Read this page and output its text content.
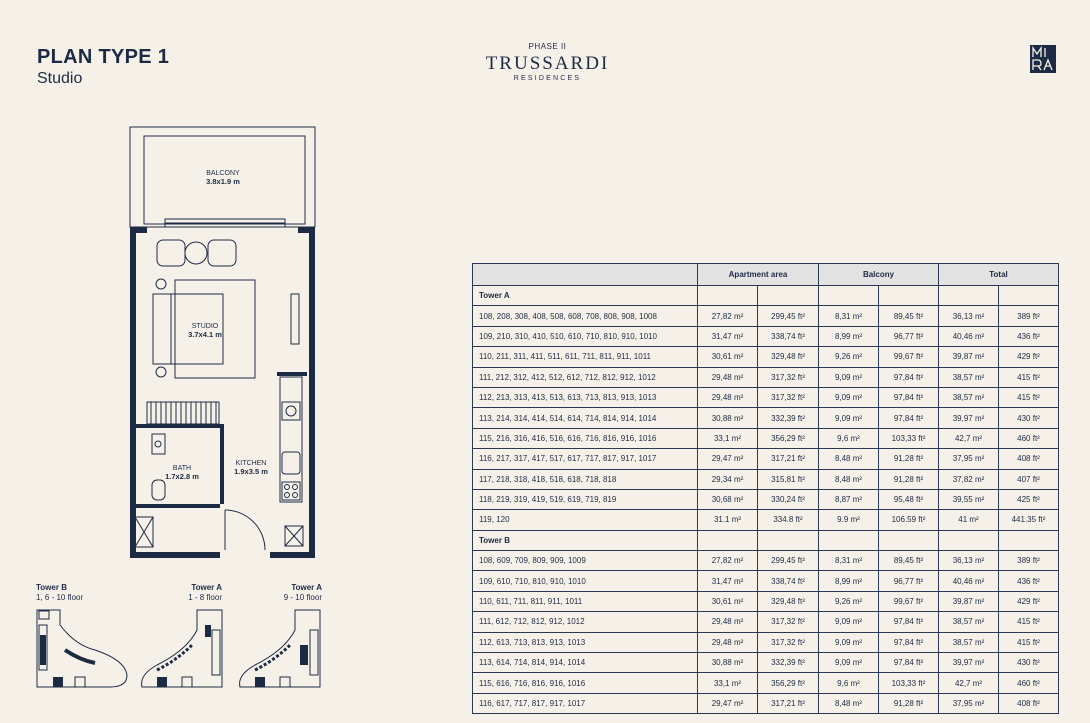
PLAN TYPE 1
Studio
PHASE II
TRUSSARDI
RESIDENCES
BALCONY
3.8x1.9 m
STUDIO
3.7x4.1 m
BATH
1.7x2.8 m
KITCHEN
1.9x3.5 m
Tower B
1, 6 - 10 floor
Tower A
1 - 8 floor
Tower A
9 - 10 floor
	Apartment area		Balcony		Total	
Tower A						
108, 208, 308, 408, 508, 608, 708, 808, 908, 1008	27,82 m²	299,45 ft²	8,31 m²	89,45 ft²	36,13 m²	389 ft²
109, 210, 310, 410, 510, 610, 710, 810, 910, 1010	31,47 m²	338,74 ft²	8,99 m²	96,77 ft²	40,46 m²	436 ft²
110, 211, 311, 411, 511, 611, 711, 811, 911, 1011	30,61 m²	329,48 ft²	9,26 m²	99,67 ft²	39,87 m²	429 ft²
111, 212, 312, 412, 512, 612, 712, 812, 912, 1012	29,48 m²	317,32 ft²	9,09 m²	97,84 ft²	38,57 m²	415 ft²
112, 213, 313, 413, 513, 613, 713, 813, 913, 1013	29,48 m²	317,32 ft²	9,09 m²	97,84 ft²	38,57 m²	415 ft²
113, 214, 314, 414, 514, 614, 714, 814, 914, 1014	30,88 m²	332,39 ft²	9,09 m²	97,84 ft²	39,97 m²	430 ft²
115, 216, 316, 416, 516, 616, 716, 816, 916, 1016	33,1 m²	356,29 ft²	9,6 m²	103,33 ft²	42,7 m²	460 ft²
116, 217, 317, 417, 517, 617, 717, 817, 917, 1017	29,47 m²	317,21 ft²	8,48 m²	91,28 ft²	37,95 m²	408 ft²
117, 218, 318, 418, 518, 618, 718, 818	29,34 m²	315,81 ft²	8,48 m²	91,28 ft²	37,82 m²	407 ft²
118, 219, 319, 419, 519, 619, 719, 819	30,68 m²	330,24 ft²	8,87 m²	95,48 ft²	39,55 m²	425 ft²
119, 120	31.1 m²	334.8 ft²	9.9 m²	106.59 ft²	41 m²	441.35 ft²
Tower B						
108, 609, 709, 809, 909, 1009	27,82 m²	299,45 ft²	8,31 m²	89,45 ft²	36,13 m²	389 ft²
109, 610, 710, 810, 910, 1010	31,47 m²	338,74 ft²	8,99 m²	96,77 ft²	40,46 m²	436 ft²
110, 611, 711, 811, 911, 1011	30,61 m²	329,48 ft²	9,26 m²	99,67 ft²	39,87 m²	429 ft²
111, 612, 712, 812, 912, 1012	29,48 m²	317,32 ft²	9,09 m²	97,84 ft²	38,57 m²	415 ft²
112, 613, 713, 813, 913, 1013	29,48 m²	317,32 ft²	9,09 m²	97,84 ft²	38,57 m²	415 ft²
113, 614, 714, 814, 914, 1014	30,88 m²	332,39 ft²	9,09 m²	97,84 ft²	39,97 m²	430 ft²
115, 616, 716, 816, 916, 1016	33,1 m²	356,29 ft²	9,6 m²	103,33 ft²	42,7 m²	460 ft²
116, 617, 717, 817, 917, 1017	29,47 m²	317,21 ft²	8,48 m²	91,28 ft²	37,95 m²	408 ft²
